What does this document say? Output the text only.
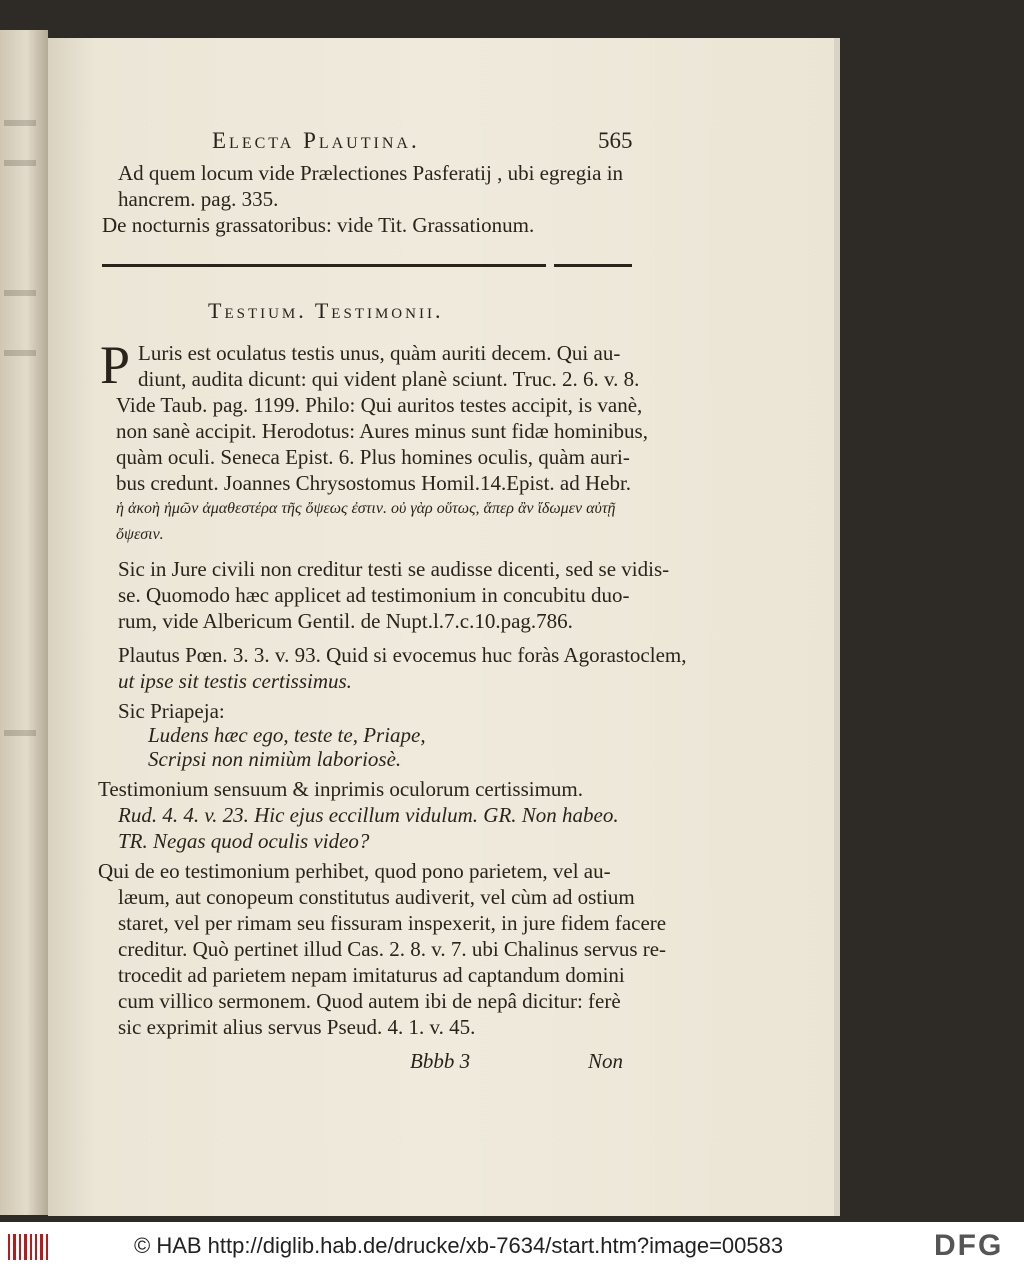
Electa Plautina.	565
Ad quem locum vide Prælectiones Pasferatij , ubi egregia in
hancrem. pag. 335.
De nocturnis grassatoribus: vide Tit. Grassationum.
Testium. Testimonii.
P Luris est oculatus testis unus, quàm auriti decem. Qui au-
diunt, audita dicunt: qui vident planè sciunt. Truc. 2. 6. v. 8.
Vide Taub. pag. 1199. Philo: Qui auritos testes accipit, is vanè,
non sanè accipit. Herodotus: Aures minus sunt fidæ hominibus,
quàm oculi. Seneca Epist. 6. Plus homines oculis, quàm auri-
bus credunt. Joannes Chrysostomus Homil.14.Epist. ad Hebr.
ἡ ἀκοὴ ἡμῶν ἀμαθεστέρα τῆς ὄψεως ἐστιν. οὐ γὰρ οὕτως, ἅπερ ἂν ἴδωμεν αὐτῇ
ὄψεσιν.
Sic in Jure civili non creditur testi se audisse dicenti, sed se vidis-
se. Quomodo hæc applicet ad testimonium in concubitu duo-
rum, vide Albericum Gentil. de Nupt.l.7.c.10.pag.786.
Plautus Pœn. 3. 3. v. 93. Quid si evocemus huc foràs Agorastoclem,
ut ipse sit testis certissimus.
Sic Priapeja:
Ludens hæc ego, teste te, Priape,
Scripsi non nimiùm laboriosè.
Testimonium sensuum & inprimis oculorum certissimum.
Rud. 4. 4. v. 23. Hic ejus eccillum vidulum. GR. Non habeo.
TR. Negas quod oculis video?
Qui de eo testimonium perhibet, quod pono parietem, vel au-
læum, aut conopeum constitutus audiverit, vel cùm ad ostium
staret, vel per rimam seu fissuram inspexerit, in jure fidem facere
creditur. Quò pertinet illud Cas. 2. 8. v. 7. ubi Chalinus servus re-
trocedit ad parietem nepam imitaturus ad captandum domini
cum villico sermonem. Quod autem ibi de nepâ dicitur: ferè
sic exprimit alius servus Pseud. 4. 1. v. 45.
Bbbb 3	Non
© HAB http://diglib.hab.de/drucke/xb-7634/start.htm?image=00583	DFG
